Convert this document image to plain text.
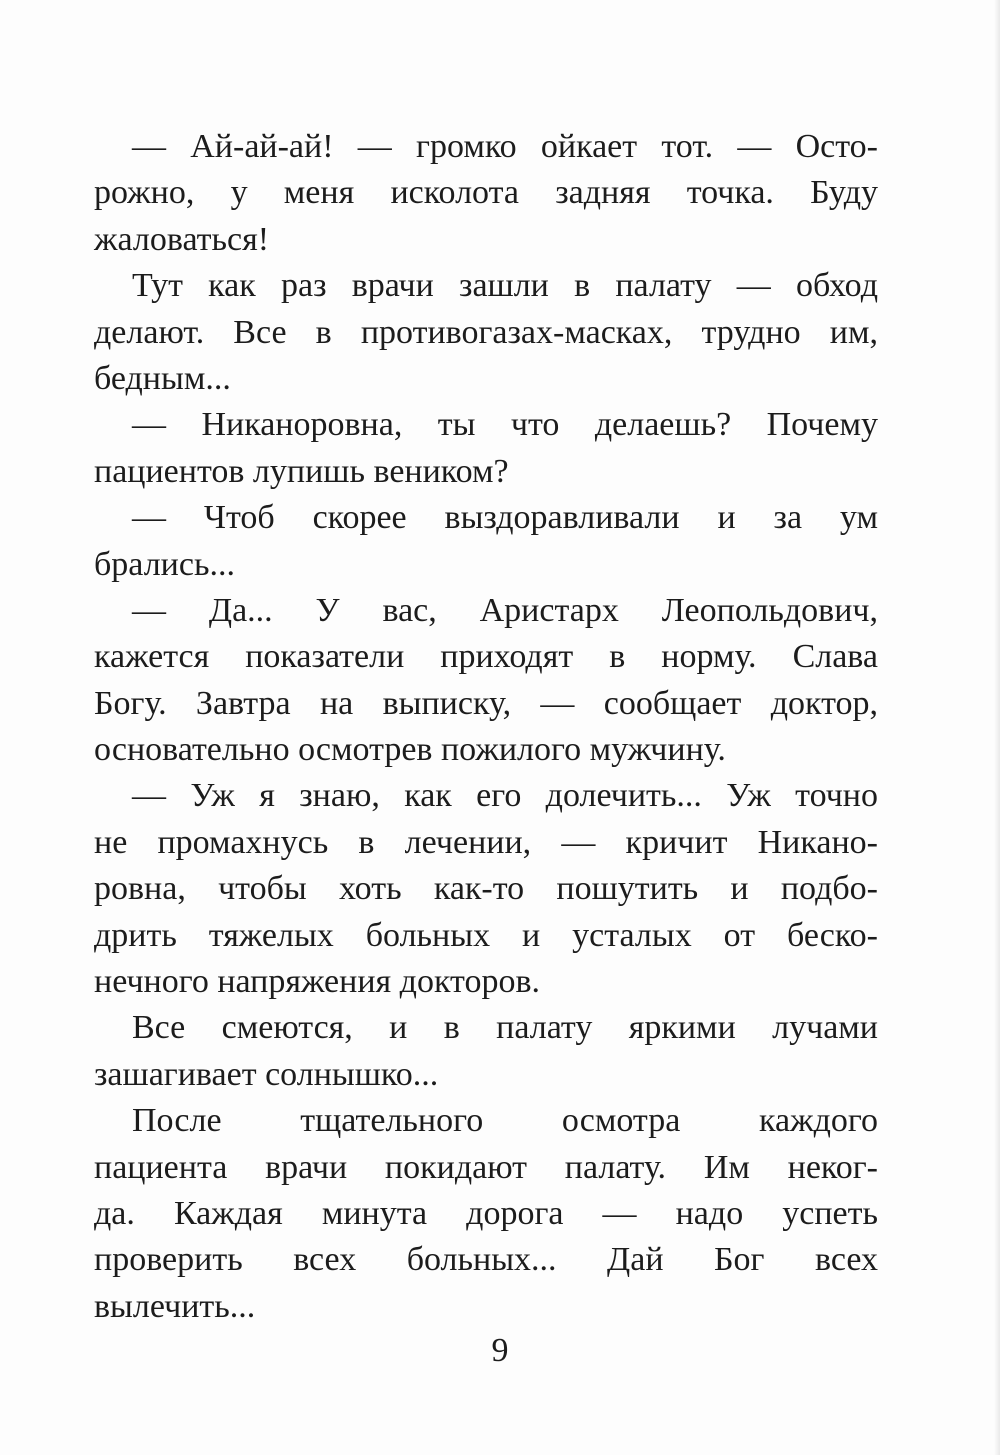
— Ай-ай-ай! — громко ойкает тот. — Осто-
рожно, у меня исколота задняя точка. Буду
жаловаться!
Тут как раз врачи зашли в палату — обход
делают. Все в противогазах-масках, трудно им,
бедным...
— Никаноровна, ты что делаешь? Почему
пациентов лупишь веником?
— Чтоб скорее выздоравливали и за ум
брались...
— Да... У вас, Аристарх Леопольдович,
кажется показатели приходят в норму. Слава
Богу. Завтра на выписку, — сообщает доктор,
основательно осмотрев пожилого мужчину.
— Уж я знаю, как его долечить... Уж точно
не промахнусь в лечении, — кричит Никано-
ровна, чтобы хоть как-то пошутить и подбо-
дрить тяжелых больных и усталых от беско-
нечного напряжения докторов.
Все смеются, и в палату яркими лучами
зашагивает солнышко...
После тщательного осмотра каждого
пациента врачи покидают палату. Им неког-
да. Каждая минута дорога — надо успеть
проверить всех больных... Дай Бог всех
вылечить...
9
